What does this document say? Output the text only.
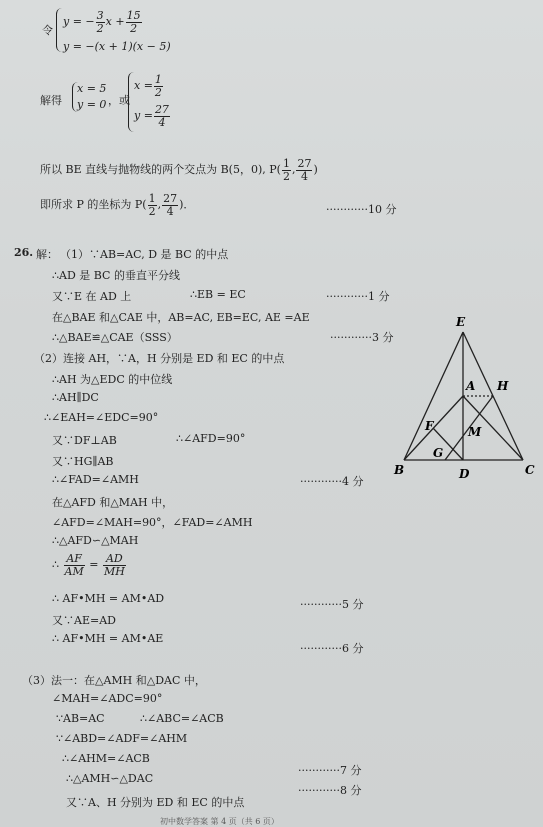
令
y = − $\frac{3}{2}$ $x + \frac{15}{2}$
y = −(x + 1)(x − 5)
解得
x = 5
y = 0 ，或
$x = \frac{1}{2}$
$y = \frac{27}{4}$
所以 BE 直线与抛物线的两个交点为 B(5，0), $P( \frac{1}{2}$ , $\frac{27}{4}$ )
即所求 P 的坐标为 $P( \frac{1}{2}$ , $\frac{27}{4}$ )．	············10 分
26. 解： （1）∵AB=AC, D 是 BC 的中点
∴AD 是 BC 的垂直平分线
又∵E 在 AD 上	∴EB = EC	············1 分
在△BAE 和△CAE 中，AB=AC, EB=EC, AE =AE
∴△BAE≌△CAE（SSS）	············3 分
（2）连接 AH，∵A，H 分别是 ED 和 EC 的中点
∴AH 为△EDC 的中位线
∴AH∥DC
∴∠EAH=∠EDC=90°
又∵DF⊥AB	∴∠AFD=90°
又∵HG∥AB
∴∠FAD=∠AMH	············4 分
在△AFD 和△MAH 中，
∠AFD=∠MAH=90°，∠FAD=∠AMH
∴△AFD∽△MAH
∴ $\frac{AF}{AM} = \frac{AD}{MH}$
∴ AF•MH = AM•AD	············5 分
又∵AE=AD
∴ AF•MH = AM•AE
············6 分
（3）法一：在△AMH 和△DAC 中，
∠MAH=∠ADC=90°
∵AB=AC	∴∠ABC=∠ACB
∵∠ABD=∠ADF=∠AHM
∴∠AHM=∠ACB
············7 分
∴△AMH∽△DAC
············8 分
又∵A、H 分别为 ED 和 EC 的中点
初中数学答案 第 4 页（共 6 页）
E
A H
F	M
G
B	D	C
